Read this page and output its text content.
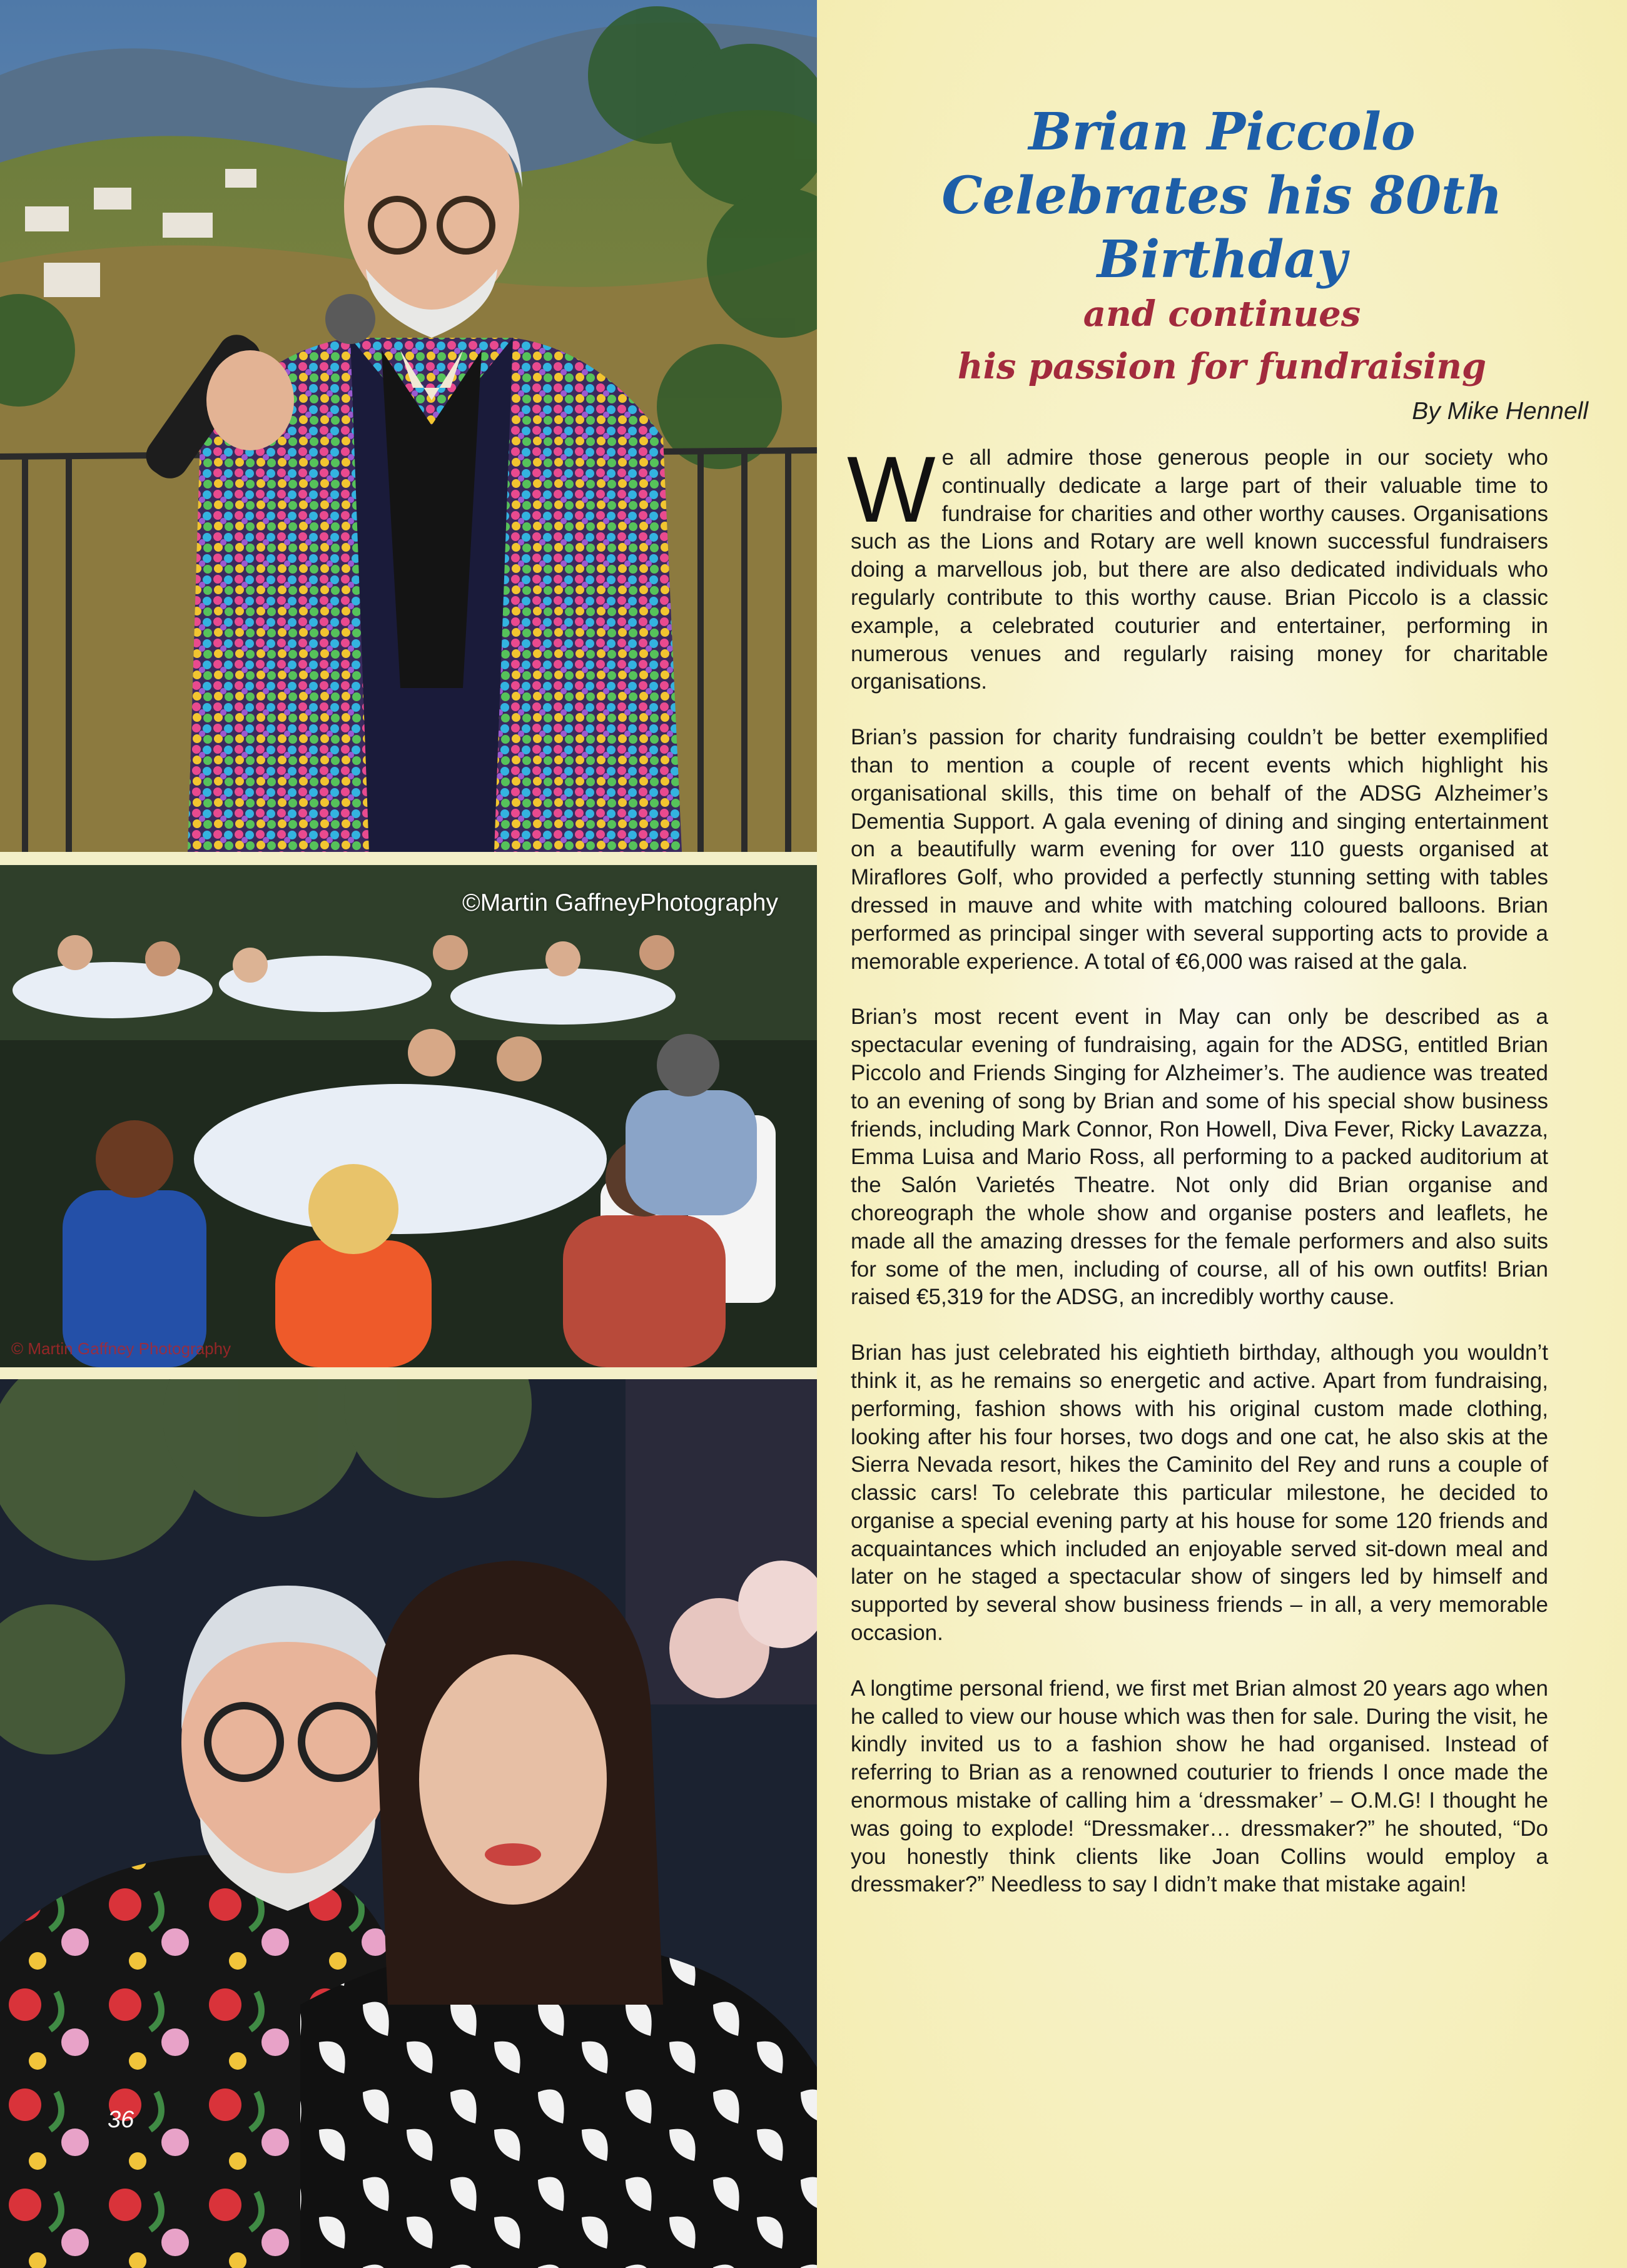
©Martin GaffneyPhotography
© Martin Gaffney Photography
36
Brian Piccolo
Celebrates his 80th
Birthday
and continues
his passion for fundraising
By Mike Hennell

We all admire those generous people in our society who continually dedicate a large part of their valuable time to fundraise for charities and other worthy causes. Organisations such as the Lions and Rotary are well known successful fundraisers doing a marvellous job, but there are also dedicated individuals who regularly contribute to this worthy cause. Brian Piccolo is a classic example, a celebrated couturier and entertainer, performing in numerous venues and regularly raising money for charitable organisations.

Brian’s passion for charity fundraising couldn’t be better exemplified than to mention a couple of recent events which highlight his organisational skills, this time on behalf of the ADSG Alzheimer’s Dementia Support. A gala evening of dining and singing entertainment on a beautifully warm evening for over 110 guests organised at Miraflores Golf, who provided a perfectly stunning setting with tables dressed in mauve and white with matching coloured balloons. Brian performed as principal singer with several supporting acts to provide a memorable experience. A total of €6,000 was raised at the gala.

Brian’s most recent event in May can only be described as a spectacular evening of fundraising, again for the ADSG, entitled Brian Piccolo and Friends Singing for Alzheimer’s. The audience was treated to an evening of song by Brian and some of his special show business friends, including Mark Connor, Ron Howell, Diva Fever, Ricky Lavazza, Emma Luisa and Mario Ross, all performing to a packed auditorium at the Salón Varietés Theatre. Not only did Brian organise and choreograph the whole show and organise posters and leaflets, he made all the amazing dresses for the female performers and also suits for some of the men, including of course, all of his own outfits! Brian raised €5,319 for the ADSG, an incredibly worthy cause.

Brian has just celebrated his eightieth birthday, although you wouldn’t think it, as he remains so energetic and active. Apart from fundraising, performing, fashion shows with his original custom made clothing, looking after his four horses, two dogs and one cat, he also skis at the Sierra Nevada resort, hikes the Caminito del Rey and runs a couple of classic cars! To celebrate this particular milestone, he decided to organise a special evening party at his house for some 120 friends and acquaintances which included an enjoyable served sit-down meal and later on he staged a spectacular show of singers led by himself and supported by several show business friends – in all, a very memorable occasion.

A longtime personal friend, we first met Brian almost 20 years ago when he called to view our house which was then for sale. During the visit, he kindly invited us to a fashion show he had organised. Instead of referring to Brian as a renowned couturier to friends I once made the enormous mistake of calling him a ‘dressmaker’ – O.M.G! I thought he was going to explode! “Dressmaker… dressmaker?” he shouted, “Do you honestly think clients like Joan Collins would employ a dressmaker?” Needless to say I didn’t make that mistake again!
